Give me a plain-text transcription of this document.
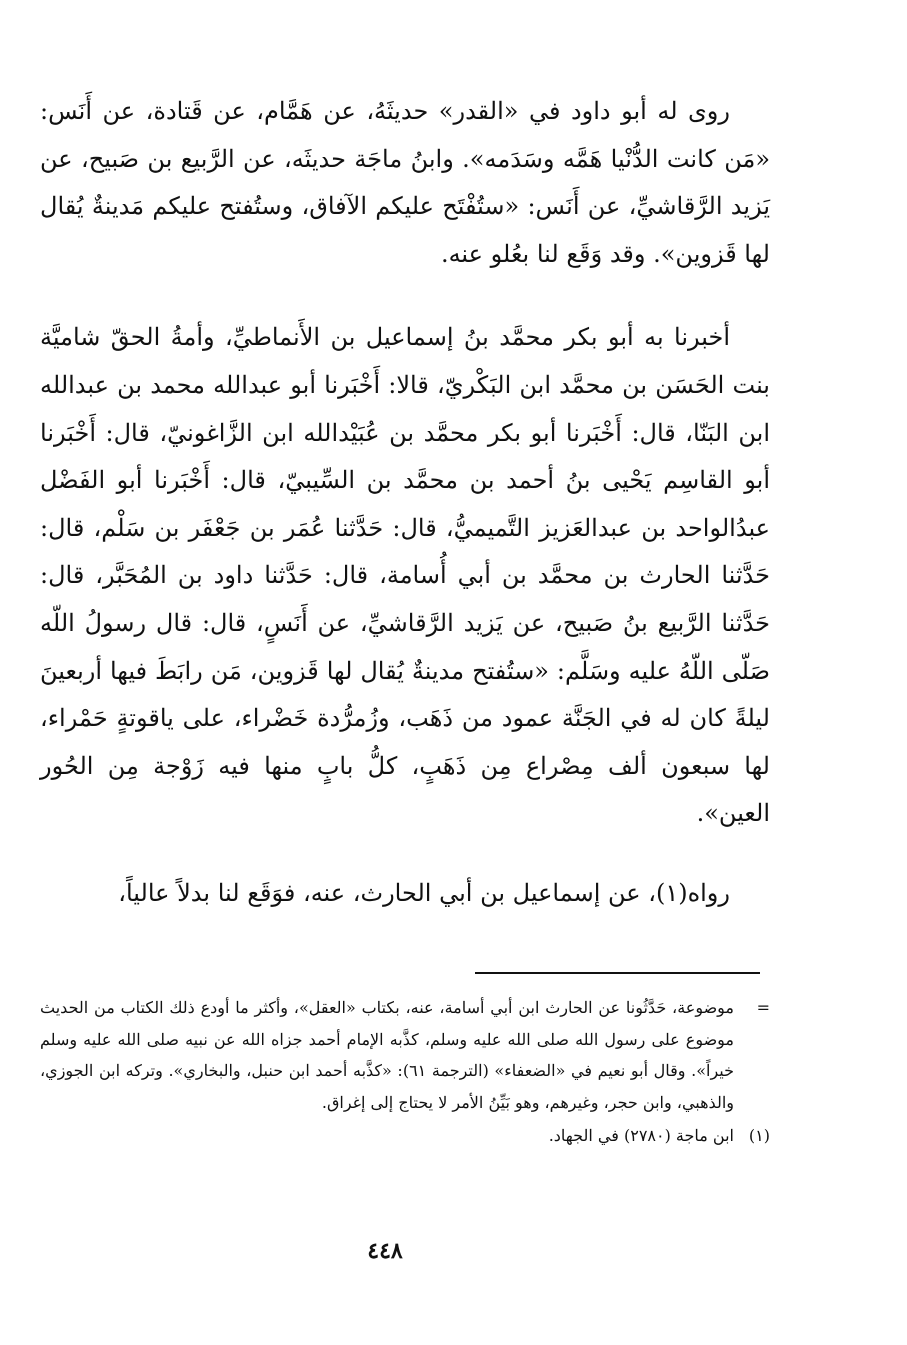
روى له أبو داود في «القدر» حديثَهُ، عن هَمَّام، عن قَتادة، عن أَنَس: «مَن كانت الدُّنْيا هَمَّه وسَدَمه». وابنُ ماجَة حديثَه، عن الرَّبيع بن صَبيح، عن يَزيد الرَّقاشيِّ، عن أَنَس: «ستُفْتَح عليكم الآفاق، وستُفتح عليكم مَدينةٌ يُقال لها قَزوين». وقد وَقَع لنا بعُلو عنه.

أخبرنا به أبو بكر محمَّد بنُ إسماعيل بن الأَنماطيِّ، وأمةُ الحقّ شاميَّة بنت الحَسَن بن محمَّد ابن البَكْريّ، قالا: أَخْبَرنا أبو عبدالله محمد بن عبدالله ابن البَنّا، قال: أَخْبَرنا أبو بكر محمَّد بن عُبَيْدالله ابن الزَّاغونيّ، قال: أَخْبَرنا أبو القاسِم يَحْيى بنُ أحمد بن محمَّد بن السِّيبيّ، قال: أَخْبَرنا أبو الفَضْل عبدُالواحد بن عبدالعَزيز التَّميميُّ، قال: حَدَّثنا عُمَر بن جَعْفَر بن سَلْم، قال: حَدَّثنا الحارث بن محمَّد بن أبي أُسامة، قال: حَدَّثنا داود بن المُحَبَّر، قال: حَدَّثنا الرَّبيع بنُ صَبيح، عن يَزيد الرَّقاشيِّ، عن أَنَسٍ، قال: قال رسولُ اللّه صَلّى اللّهُ عليه وسَلَّم: «ستُفتح مدينةٌ يُقال لها قَزوين، مَن رابَطَ فيها أربعينَ ليلةً كان له في الجَنَّة عمود من ذَهَب، وزُمرُّدة خَضْراء، على ياقوتةٍ حَمْراء، لها سبعون ألف مِصْراع مِن ذَهَبٍ، كلُّ بابٍ منها فيه زَوْجة مِن الحُور العين».

رواه(١)، عن إسماعيل بن أبي الحارث، عنه، فوَقَع لنا بدلاً عالياً،

=
موضوعة، حَدَّثُونا عن الحارث ابن أبي أسامة، عنه، بكتاب «العقل»، وأكثر ما أودع ذلك الكتاب من الحديث موضوع على رسول الله صلى الله عليه وسلم، كذَّبه الإمام أحمد جزاه الله عن نبيه صلى الله عليه وسلم خيراً». وقال أبو نعيم في «الضعفاء» (الترجمة ٦١): «كذَّبه أحمد ابن حنبل، والبخاري». وتركه ابن الجوزي، والذهبي، وابن حجر، وغيرهم، وهو بَيِّنُ الأمر لا يحتاج إلى إغراق.

(١)
ابن ماجة (٢٧٨٠) في الجهاد.

٤٤٨
